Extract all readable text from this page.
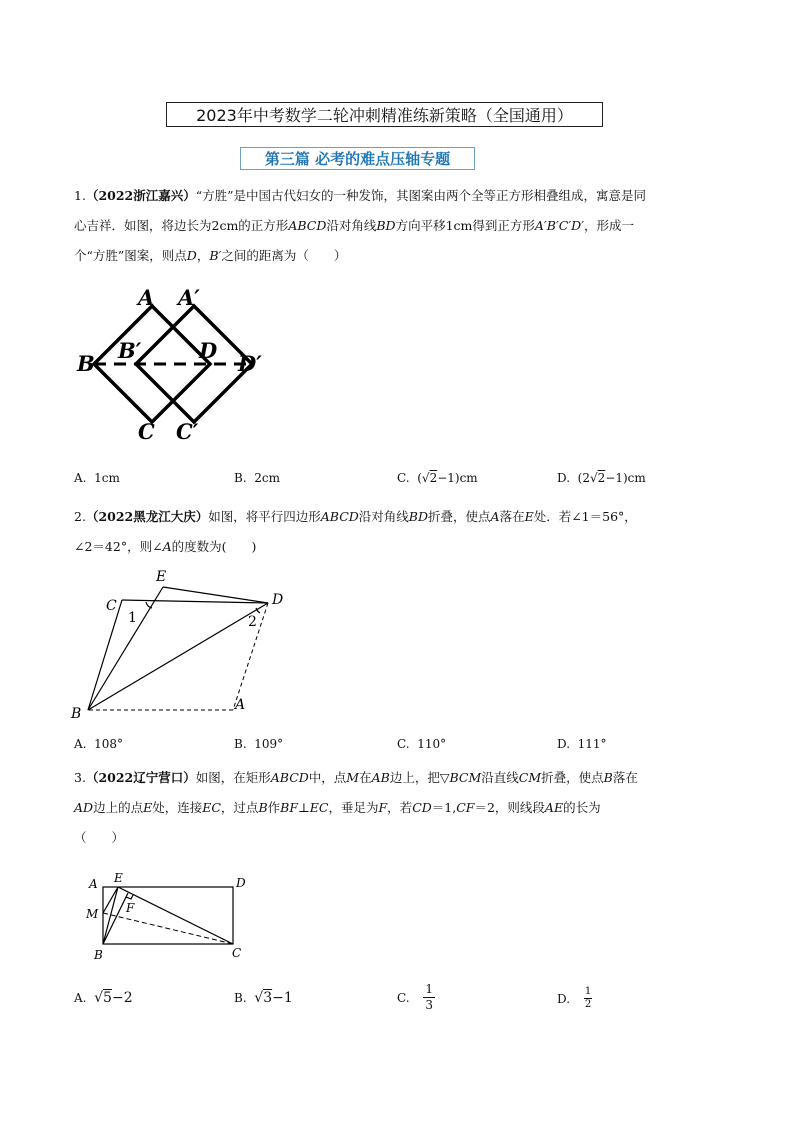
2023年中考数学二轮冲刺精准练新策略（全国通用）
第三篇 必考的难点压轴专题
1.（2022浙江嘉兴）“方胜”是中国古代妇女的一种发饰，其图案由两个全等正方形相叠组成，寓意是同
心吉祥．如图，将边长为2cm的正方形ABCD沿对角线BD方向平移1cm得到正方形A′B′C′D′，形成一
个“方胜”图案，则点D，B′之间的距离为（　　）
A A′
B
B′	D
D′
C C′
A. 1cm	B. 2cm	C. (√2−1)cm	D. (2√2−1)cm
2.（2022黑龙江大庆）如图，将平行四边形ABCD沿对角线BD折叠，使点A落在E处．若∠1＝56°，
∠2＝42°，则∠A的度数为(　　)
E
C	D
1	2
B
A
A. 108°	B. 109°	C. 110°	D. 111°
3.（2022辽宁营口）如图，在矩形ABCD中，点M在AB边上，把▽BCM沿直线CM折叠，使点B落在
AD边上的点E处，连接EC，过点B作BF⊥EC，垂足为F，若CD＝1,CF＝2，则线段AE的长为
（　　）
A E	D
M F
B	C
A. √5−2	B. √3−1	C. $\frac{1}{3}$	D. $\frac{1}{2}$
